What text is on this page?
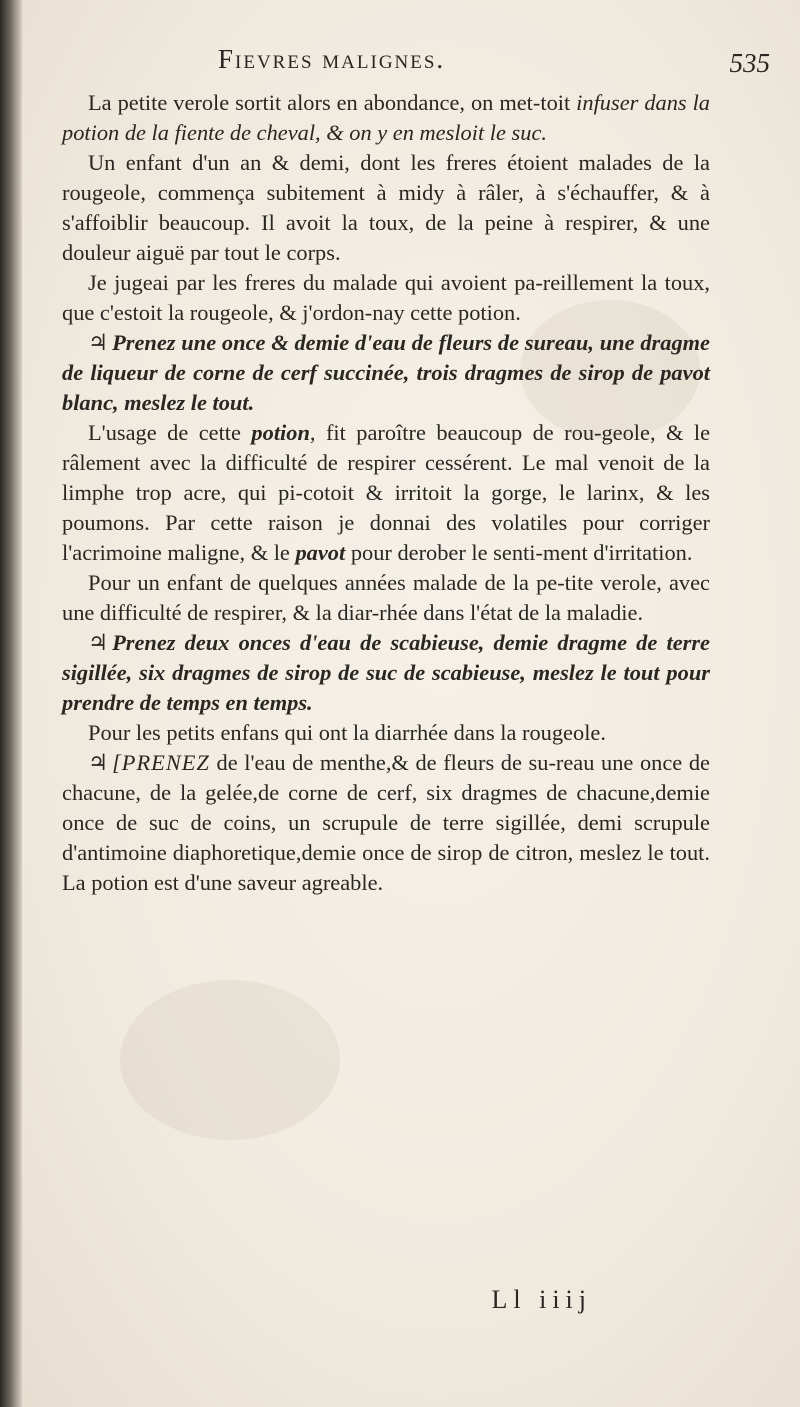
Fievres malignes.	535

La petite verole sortit alors en abondance, on met-toit infuser dans la potion de la fiente de cheval, & on y en mesloit le suc.

Un enfant d'un an & demi, dont les freres étoient malades de la rougeole, commença subitement à midy à râler, à s'échauffer, & à s'affoiblir beaucoup. Il avoit la toux, de la peine à respirer, & une douleur aiguë par tout le corps.

Je jugeai par les freres du malade qui avoient pa-reillement la toux, que c'estoit la rougeole, & j'ordon-nay cette potion.

♃ Prenez une once & demie d'eau de fleurs de sureau, une dragme de liqueur de corne de cerf succinée, trois dragmes de sirop de pavot blanc, meslez le tout.

L'usage de cette potion, fit paroître beaucoup de rou-geole, & le râlement avec la difficulté de respirer cessérent. Le mal venoit de la limphe trop acre, qui pi-cotoit & irritoit la gorge, le larinx, & les poumons. Par cette raison je donnai des volatiles pour corriger l'acrimoine maligne, & le pavot pour derober le senti-ment d'irritation.

Pour un enfant de quelques années malade de la pe-tite verole, avec une difficulté de respirer, & la diar-rhée dans l'état de la maladie.

♃ Prenez deux onces d'eau de scabieuse, demie dragme de terre sigillée, six dragmes de sirop de suc de scabieuse, meslez le tout pour prendre de temps en temps.

Pour les petits enfans qui ont la diarrhée dans la rougeole.

♃ [PRENEZ de l'eau de menthe,& de fleurs de su-reau une once de chacune, de la gelée,de corne de cerf, six dragmes de chacune,demie once de suc de coins, un scrupule de terre sigillée, demi scrupule d'antimoine diaphoretique,demie once de sirop de citron, meslez le tout. La potion est d'une saveur agreable.

Ll iiij
